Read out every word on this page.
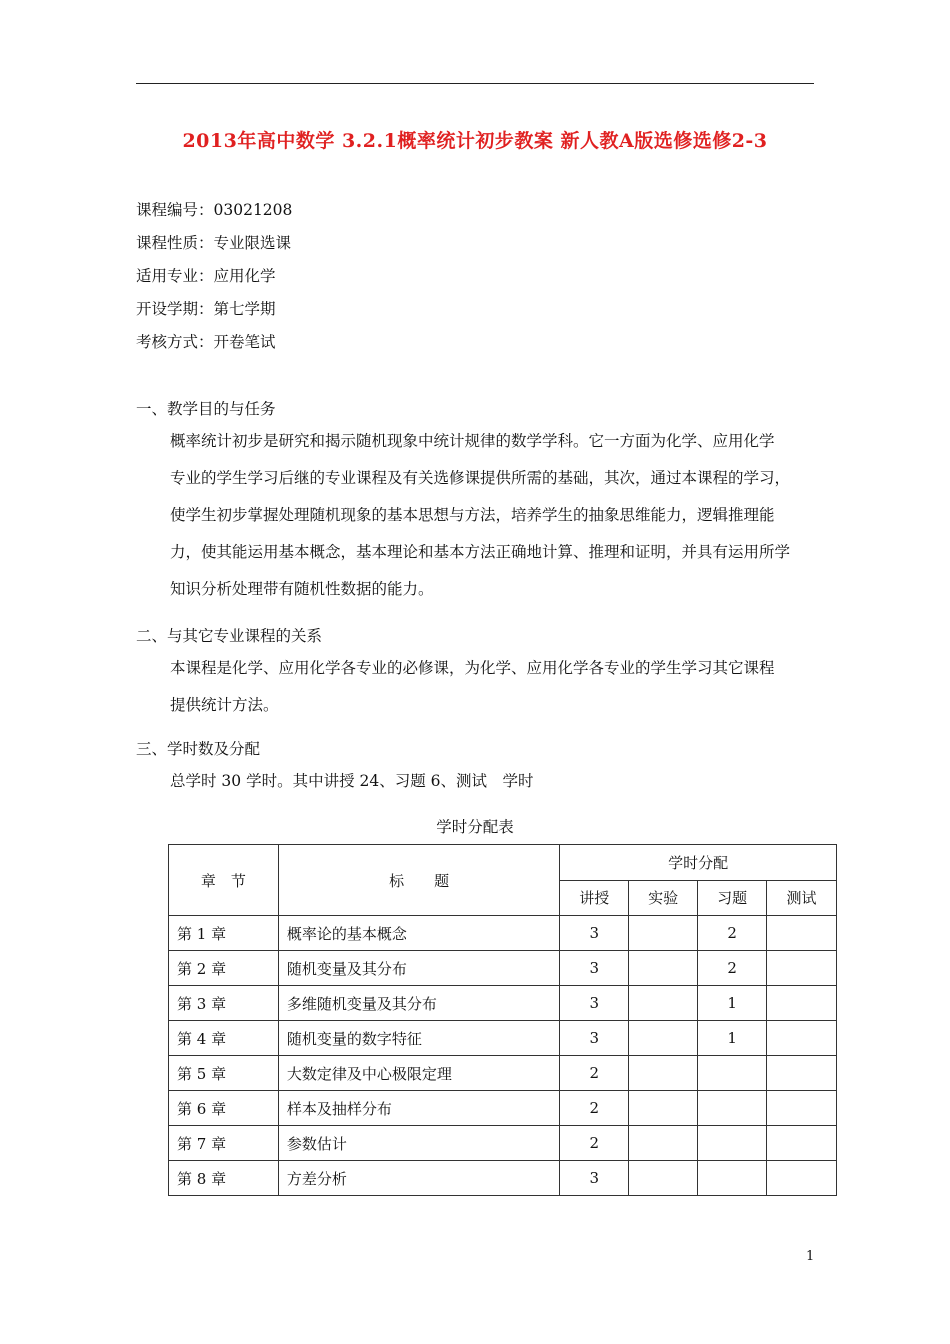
2013年高中数学 3.2.1概率统计初步教案 新人教A版选修选修2-3
课程编号：03021208
课程性质：专业限选课
适用专业：应用化学
开设学期：第七学期
考核方式：开卷笔试
一、教学目的与任务
概率统计初步是研究和揭示随机现象中统计规律的数学学科。它一方面为化学、应用化学
专业的学生学习后继的专业课程及有关选修课提供所需的基础，其次，通过本课程的学习，
使学生初步掌握处理随机现象的基本思想与方法，培养学生的抽象思维能力，逻辑推理能
力，使其能运用基本概念，基本理论和基本方法正确地计算、推理和证明，并具有运用所学
知识分析处理带有随机性数据的能力。
二、与其它专业课程的关系
本课程是化学、应用化学各专业的必修课，为化学、应用化学各专业的学生学习其它课程
提供统计方法。
三、学时数及分配
总学时 30 学时。其中讲授 24、习题 6、测试　学时
学时分配表
章　节	标　　题	学时分配			
		讲授	实验	习题	测试
第 1 章	概率论的基本概念	3		2	
第 2 章	随机变量及其分布	3		2	
第 3 章	多维随机变量及其分布	3		1	
第 4 章	随机变量的数字特征	3		1	
第 5 章	大数定律及中心极限定理	2			
第 6 章	样本及抽样分布	2			
第 7 章	参数估计	2			
第 8 章	方差分析	3			
1
